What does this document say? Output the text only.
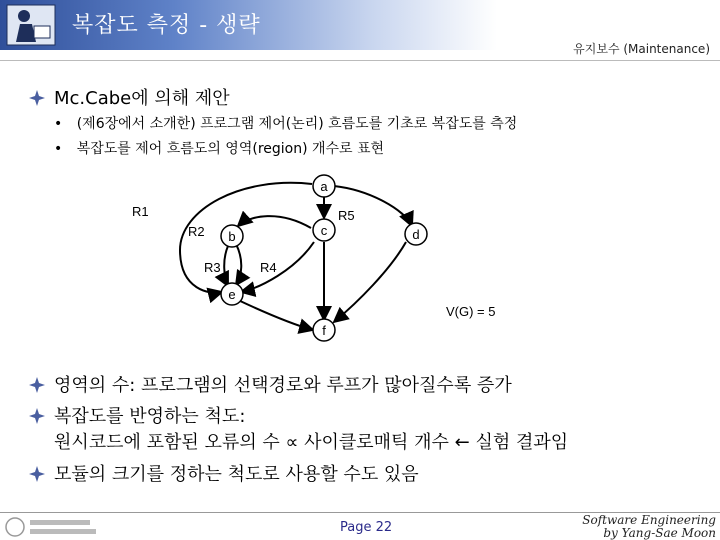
복잡도 측정 - 생략
유지보수 (Maintenance)
Mc.Cabe에 의해 제안
• (제6장에서 소개한) 프로그램 제어(논리) 흐름도를 기초로 복잡도를 측정
• 복잡도를 제어 흐름도의 영역(region) 개수로 표현
a
b	c	d
e
f
R1
R2
R3	R4
R5
V(G) = 5
영역의 수: 프로그램의 선택경로와 루프가 많아질수록 증가
복잡도를 반영하는 척도:
원시코드에 포함된 오류의 수 ∝ 사이클로매틱 개수 ← 실험 결과임
모듈의 크기를 정하는 척도로 사용할 수도 있음
Page 22	Software Engineering
by Yang-Sae Moon
